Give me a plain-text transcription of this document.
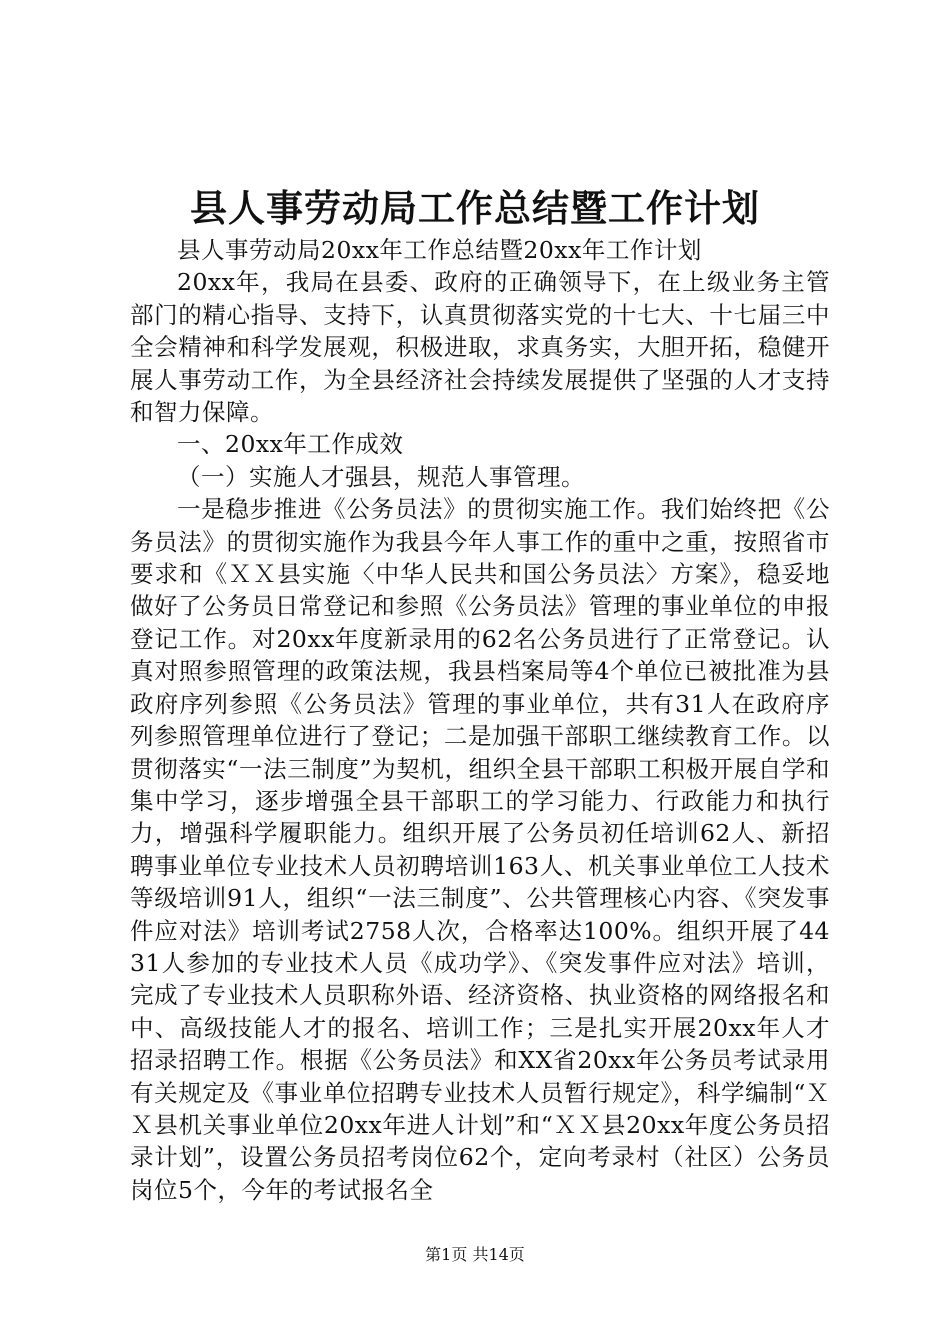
县人事劳动局工作总结暨工作计划

县人事劳动局20xx年工作总结暨20xx年工作计划

20xx年，我局在县委、政府的正确领导下，在上级业务主管部门的精心指导、支持下，认真贯彻落实党的十七大、十七届三中全会精神和科学发展观，积极进取，求真务实，大胆开拓，稳健开展人事劳动工作，为全县经济社会持续发展提供了坚强的人才支持和智力保障。

一、20xx年工作成效

（一）实施人才强县，规范人事管理。

一是稳步推进《公务员法》的贯彻实施工作。我们始终把《公务员法》的贯彻实施作为我县今年人事工作的重中之重，按照省市要求和《ＸＸ县实施〈中华人民共和国公务员法〉方案》，稳妥地做好了公务员日常登记和参照《公务员法》管理的事业单位的申报登记工作。对20xx年度新录用的62名公务员进行了正常登记。认真对照参照管理的政策法规，我县档案局等4个单位已被批准为县政府序列参照《公务员法》管理的事业单位，共有31人在政府序列参照管理单位进行了登记；二是加强干部职工继续教育工作。以贯彻落实“一法三制度”为契机，组织全县干部职工积极开展自学和集中学习，逐步增强全县干部职工的学习能力、行政能力和执行力，增强科学履职能力。组织开展了公务员初任培训62人、新招聘事业单位专业技术人员初聘培训163人、机关事业单位工人技术等级培训91人，组织“一法三制度”、公共管理核心内容、《突发事件应对法》培训考试2758人次，合格率达100%。组织开展了4431人参加的专业技术人员《成功学》、《突发事件应对法》培训，完成了专业技术人员职称外语、经济资格、执业资格的网络报名和中、高级技能人才的报名、培训工作；三是扎实开展20xx年人才招录招聘工作。根据《公务员法》和XX省20xx年公务员考试录用有关规定及《事业单位招聘专业技术人员暂行规定》，科学编制“ＸＸ县机关事业单位20xx年进人计划”和“ＸＸ县20xx年度公务员招录计划”，设置公务员招考岗位62个，定向考录村（社区）公务员岗位5个，今年的考试报名全

第1页 共14页
